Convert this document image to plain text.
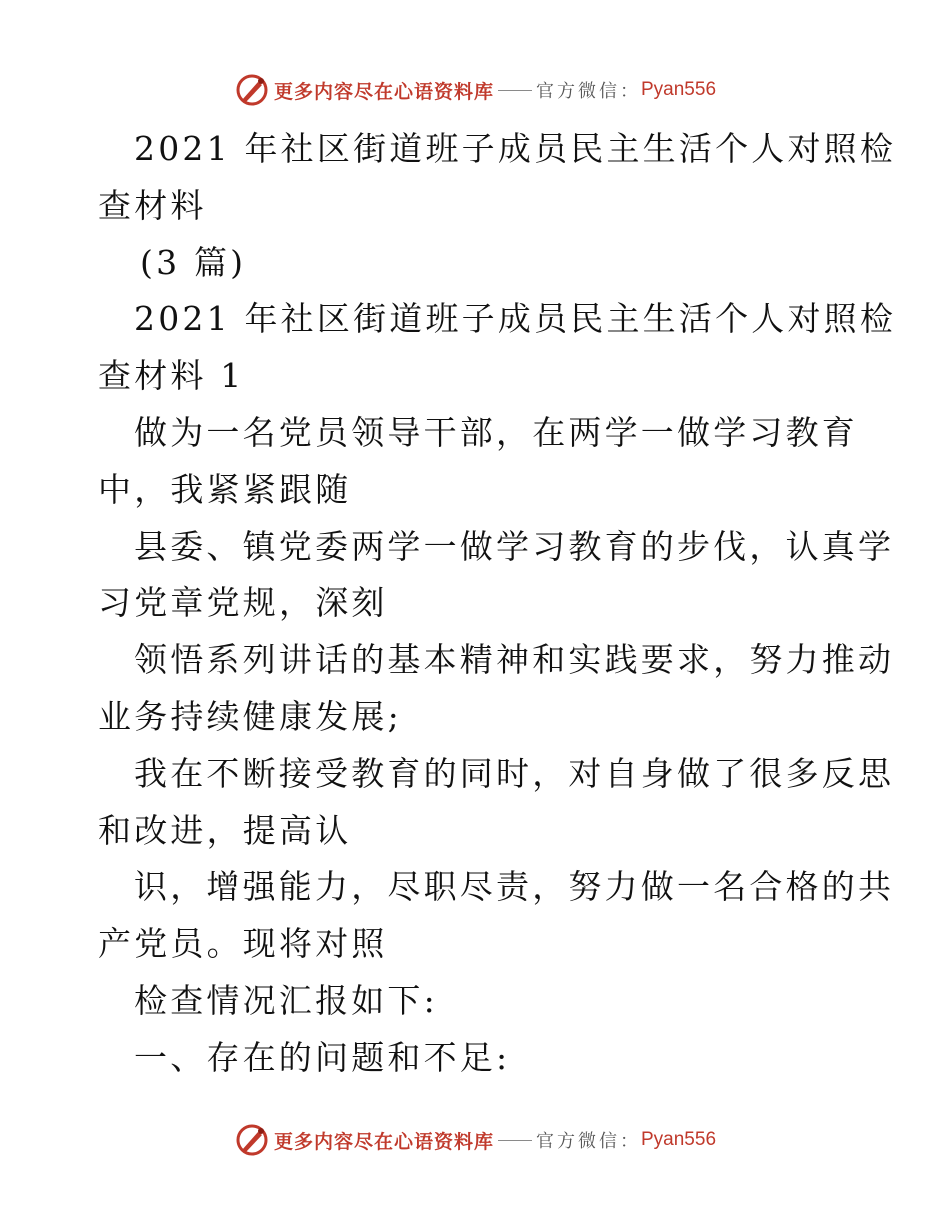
更多内容尽在心语资料库 官方微信： Pyan556

2021 年社区街道班子成员民主生活个人对照检

查材料

(3 篇)

2021 年社区街道班子成员民主生活个人对照检

查材料 1

做为一名党员领导干部，在两学一做学习教育

中，我紧紧跟随

县委、镇党委两学一做学习教育的步伐，认真学

习党章党规，深刻

领悟系列讲话的基本精神和实践要求，努力推动

业务持续健康发展;

我在不断接受教育的同时，对自身做了很多反思

和改进，提高认

识，增强能力，尽职尽责，努力做一名合格的共

产党员。现将对照

检查情况汇报如下:

一、存在的问题和不足:

更多内容尽在心语资料库 官方微信： Pyan556
